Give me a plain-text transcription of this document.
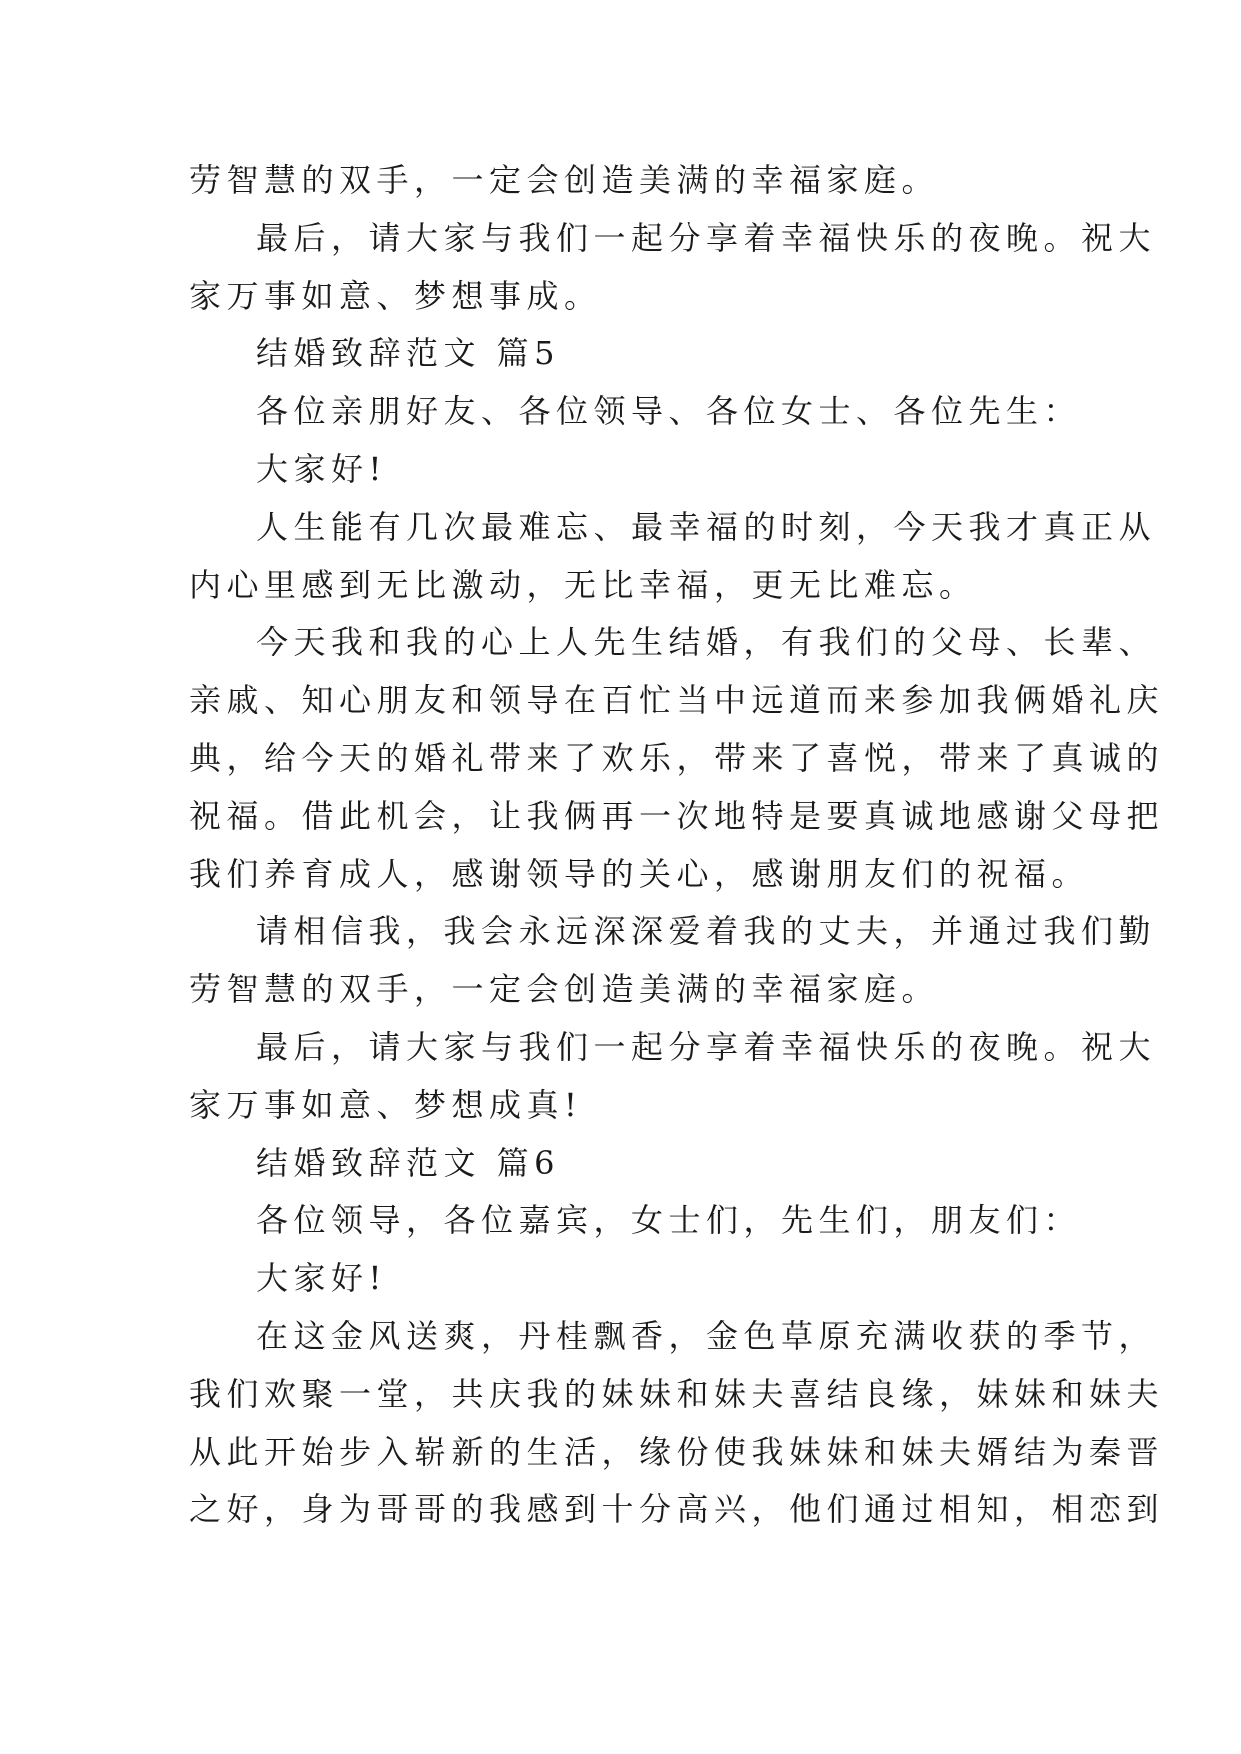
劳智慧的双手，一定会创造美满的幸福家庭。
最后，请大家与我们一起分享着幸福快乐的夜晚。祝大
家万事如意、梦想事成。
结婚致辞范文 篇5
各位亲朋好友、各位领导、各位女士、各位先生：
大家好!
人生能有几次最难忘、最幸福的时刻，今天我才真正从
内心里感到无比激动，无比幸福，更无比难忘。
今天我和我的心上人先生结婚，有我们的父母、长辈、
亲戚、知心朋友和领导在百忙当中远道而来参加我俩婚礼庆
典，给今天的婚礼带来了欢乐，带来了喜悦，带来了真诚的
祝福。借此机会，让我俩再一次地特是要真诚地感谢父母把
我们养育成人，感谢领导的关心，感谢朋友们的祝福。
请相信我，我会永远深深爱着我的丈夫，并通过我们勤
劳智慧的双手，一定会创造美满的幸福家庭。
最后，请大家与我们一起分享着幸福快乐的夜晚。祝大
家万事如意、梦想成真!
结婚致辞范文 篇6
各位领导，各位嘉宾，女士们，先生们，朋友们：
大家好!
在这金风送爽，丹桂飘香，金色草原充满收获的季节，
我们欢聚一堂，共庆我的妹妹和妹夫喜结良缘，妹妹和妹夫
从此开始步入崭新的生活，缘份使我妹妹和妹夫婿结为秦晋
之好，身为哥哥的我感到十分高兴，他们通过相知，相恋到
